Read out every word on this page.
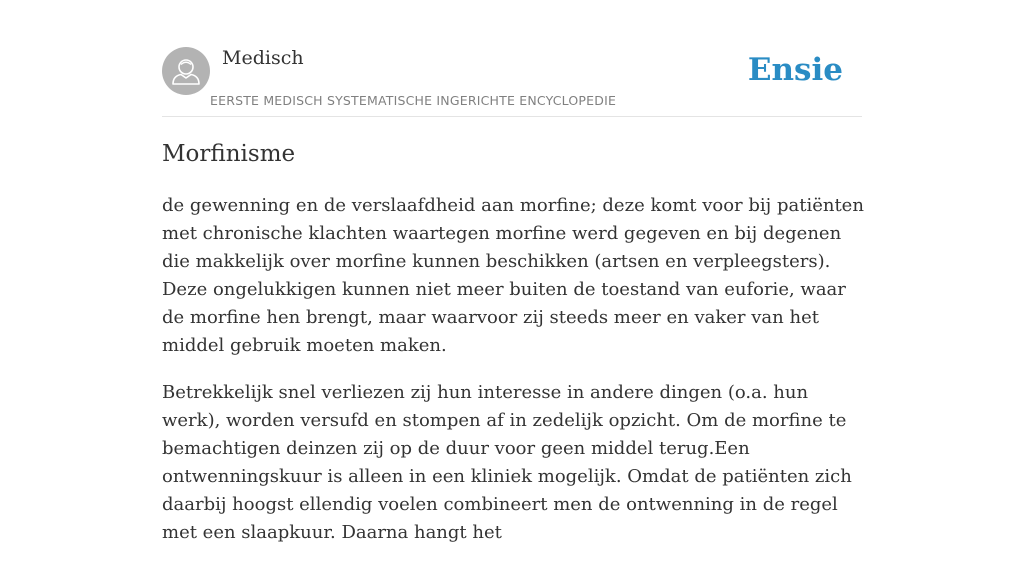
Medisch
EERSTE MEDISCH SYSTEMATISCHE INGERICHTE ENCYCLOPEDIE
Ensie
Morfinisme

de gewenning en de verslaafdheid aan morfine; deze komt voor bij patiënten met chronische klachten waartegen morfine werd gegeven en bij degenen die makkelijk over morfine kunnen beschikken (artsen en verpleegsters). Deze ongelukkigen kunnen niet meer buiten de toestand van euforie, waar de morfine hen brengt, maar waarvoor zij steeds meer en vaker van het middel gebruik moeten maken.

Betrekkelijk snel verliezen zij hun interesse in andere dingen (o.a. hun werk), worden versufd en stompen af in zedelijk opzicht. Om de morfine te bemachtigen deinzen zij op de duur voor geen middel terug.Een ontwenningskuur is alleen in een kliniek mogelijk. Omdat de patiënten zich daarbij hoogst ellendig voelen combineert men de ontwenning in de regel met een slaapkuur. Daarna hangt het
